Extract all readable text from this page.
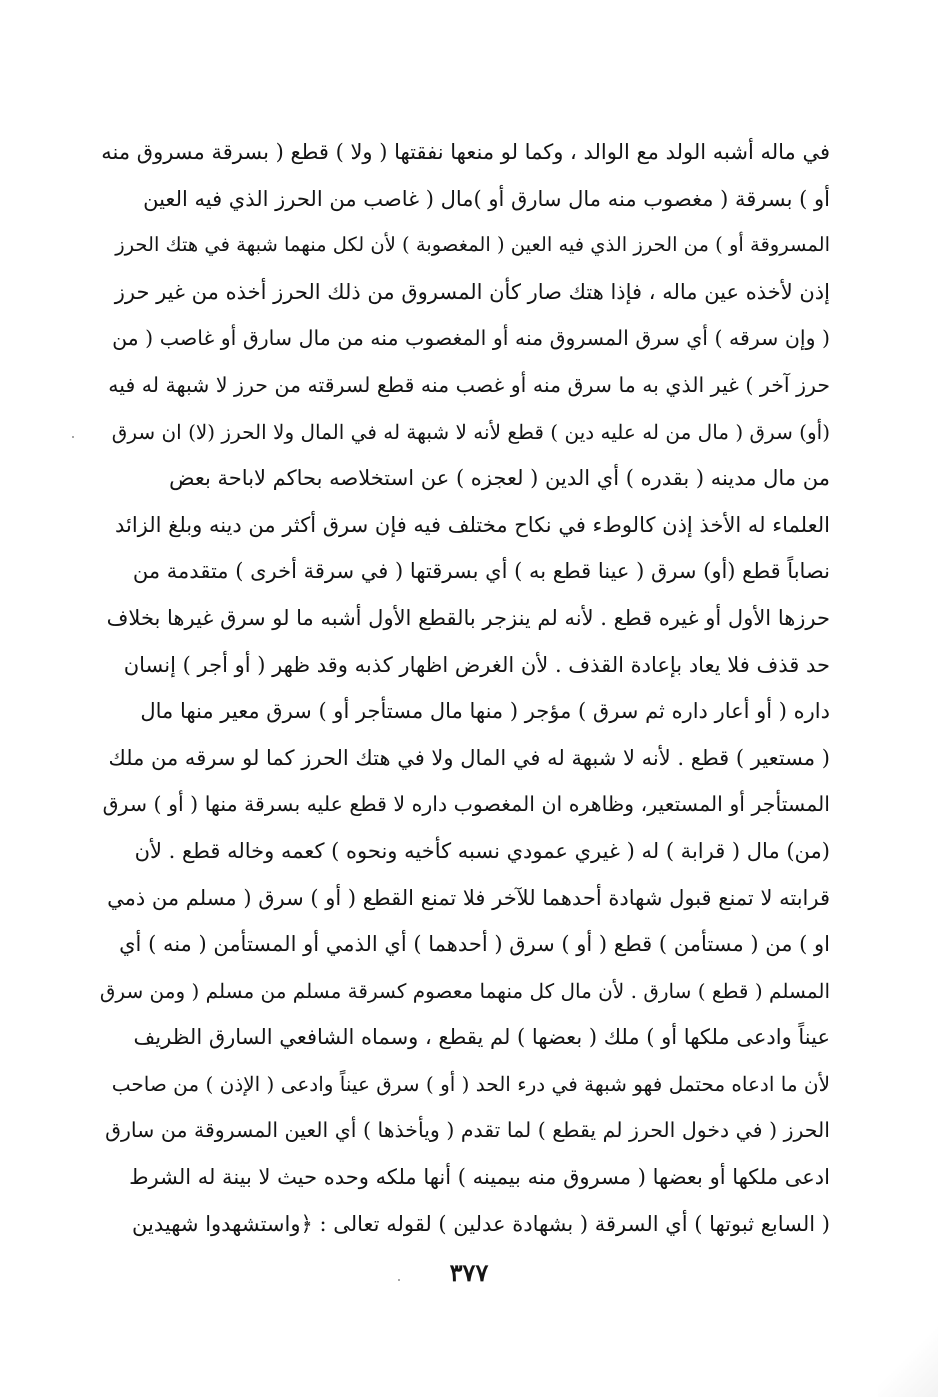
في ماله أشبه الولد مع الوالد ، وكما لو منعها نفقتها ( ولا ) قطع ( بسرقة مسروق منه
أو ) بسرقة ( مغصوب منه مال سارق أو )مال ( غاصب من الحرز الذي فيه العين
المسروقة أو ) من الحرز الذي فيه العين ( المغصوبة ) لأن لكل منهما شبهة في هتك الحرز
إذن لأخذه عين ماله ، فإذا هتك صار كأن المسروق من ذلك الحرز أخذه من غير حرز
( وإن سرقه ) أي سرق المسروق منه أو المغصوب منه من مال سارق أو غاصب ( من
حرز آخر ) غير الذي به ما سرق منه أو غصب منه قطع لسرقته من حرز لا شبهة له فيه
(أو) سرق ( مال من له عليه دين ) قطع لأنه لا شبهة له في المال ولا الحرز (لا) ان سرق
من مال مدينه ( بقدره ) أي الدين ( لعجزه ) عن استخلاصه بحاكم لاباحة بعض
العلماء له الأخذ إذن كالوطء في نكاح مختلف فيه فإن سرق أكثر من دينه وبلغ الزائد
نصاباً قطع (أو) سرق ( عينا قطع به ) أي بسرقتها ( في سرقة أخرى ) متقدمة من
حرزها الأول أو غيره قطع . لأنه لم ينزجر بالقطع الأول أشبه ما لو سرق غيرها بخلاف
حد قذف فلا يعاد بإعادة القذف . لأن الغرض اظهار كذبه وقد ظهر ( أو أجر ) إنسان
داره ( أو أعار داره ثم سرق ) مؤجر ( منها مال مستأجر أو ) سرق معير منها مال
( مستعير ) قطع . لأنه لا شبهة له في المال ولا في هتك الحرز كما لو سرقه من ملك
المستأجر أو المستعير، وظاهره ان المغصوب داره لا قطع عليه بسرقة منها ( أو ) سرق
(من) مال ( قرابة ) له ( غيري عمودي نسبه كأخيه ونحوه ) كعمه وخاله قطع . لأن
قرابته لا تمنع قبول شهادة أحدهما للآخر فلا تمنع القطع ( أو ) سرق ( مسلم من ذمي
او ) من ( مستأمن ) قطع ( أو ) سرق ( أحدهما ) أي الذمي أو المستأمن ( منه ) أي
المسلم ( قطع ) سارق . لأن مال كل منهما معصوم كسرقة مسلم من مسلم ( ومن سرق
عيناً وادعى ملكها أو ) ملك ( بعضها ) لم يقطع ، وسماه الشافعي السارق الظريف
لأن ما ادعاه محتمل فهو شبهة في درء الحد ( أو ) سرق عيناً وادعى ( الإذن ) من صاحب
الحرز ( في دخول الحرز لم يقطع ) لما تقدم ( ويأخذها ) أي العين المسروقة من سارق
ادعى ملكها أو بعضها ( مسروق منه بيمينه ) أنها ملكه وحده حيث لا بينة له الشرط
( السابع ثبوتها ) أي السرقة ( بشهادة عدلين ) لقوله تعالى : ﴿واستشهدوا شهيدين
٣٧٧
